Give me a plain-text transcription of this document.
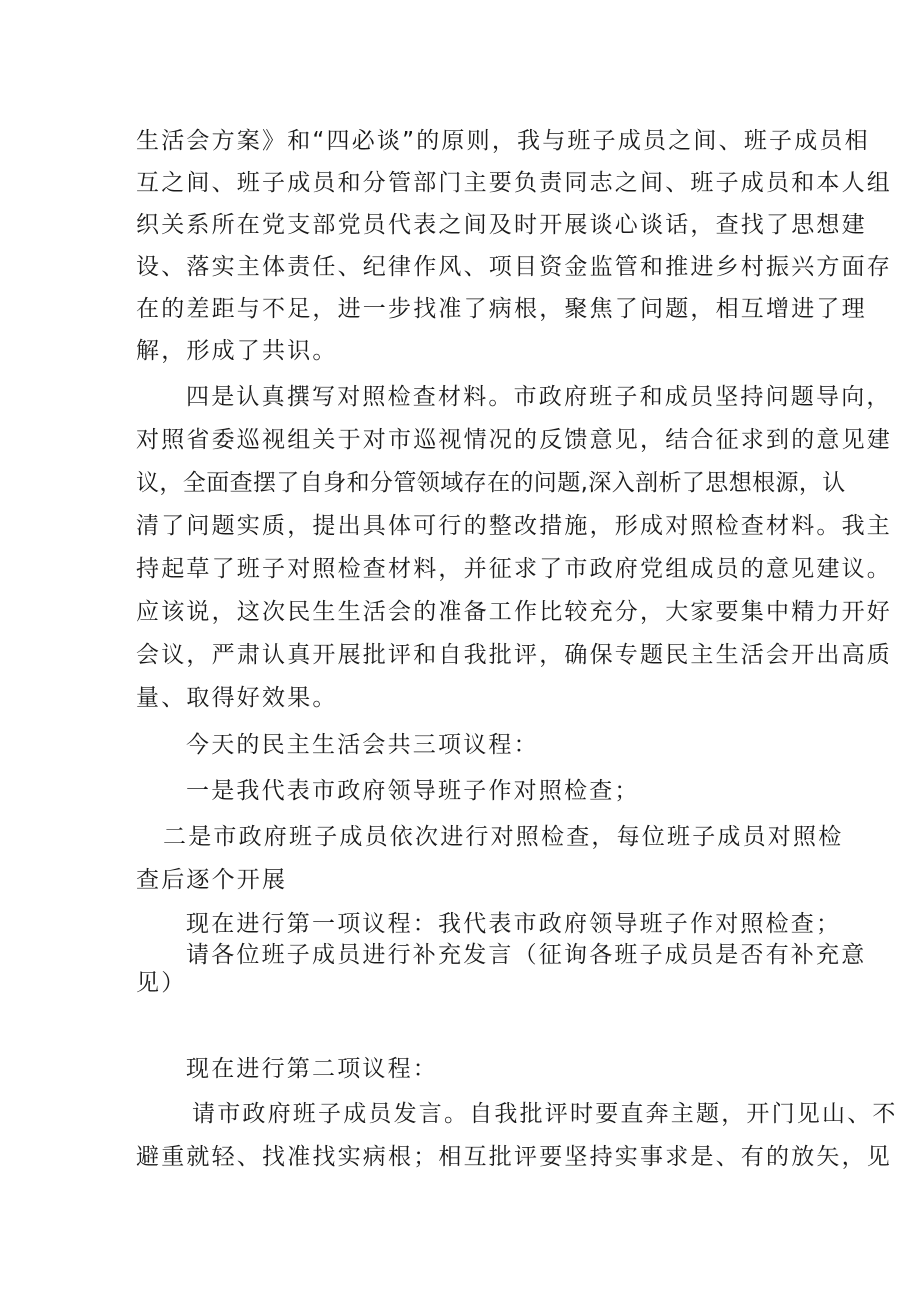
生活会方案》和“四必谈”的原则，我与班子成员之间、班子成员相
互之间、班子成员和分管部门主要负责同志之间、班子成员和本人组
织关系所在党支部党员代表之间及时开展谈心谈话，查找了思想建
设、落实主体责任、纪律作风、项目资金监管和推进乡村振兴方面存
在的差距与不足，进一步找准了病根，聚焦了问题，相互增进了理
解，形成了共识。
四是认真撰写对照检查材料。市政府班子和成员坚持问题导向，
对照省委巡视组关于对市巡视情况的反馈意见，结合征求到的意见建
议，全面查摆了自身和分管领域存在的问题,深入剖析了思想根源，认
清了问题实质，提出具体可行的整改措施，形成对照检查材料。我主
持起草了班子对照检查材料，并征求了市政府党组成员的意见建议。
应该说，这次民生生活会的准备工作比较充分，大家要集中精力开好
会议，严肃认真开展批评和自我批评，确保专题民主生活会开出高质
量、取得好效果。
今天的民主生活会共三项议程：
一是我代表市政府领导班子作对照检查；
二是市政府班子成员依次进行对照检查，每位班子成员对照检
查后逐个开展
现在进行第一项议程：我代表市政府领导班子作对照检查；
请各位班子成员进行补充发言（征询各班子成员是否有补充意
见）
现在进行第二项议程：
请市政府班子成员发言。自我批评时要直奔主题，开门见山、不
避重就轻、找准找实病根；相互批评要坚持实事求是、有的放矢，见
